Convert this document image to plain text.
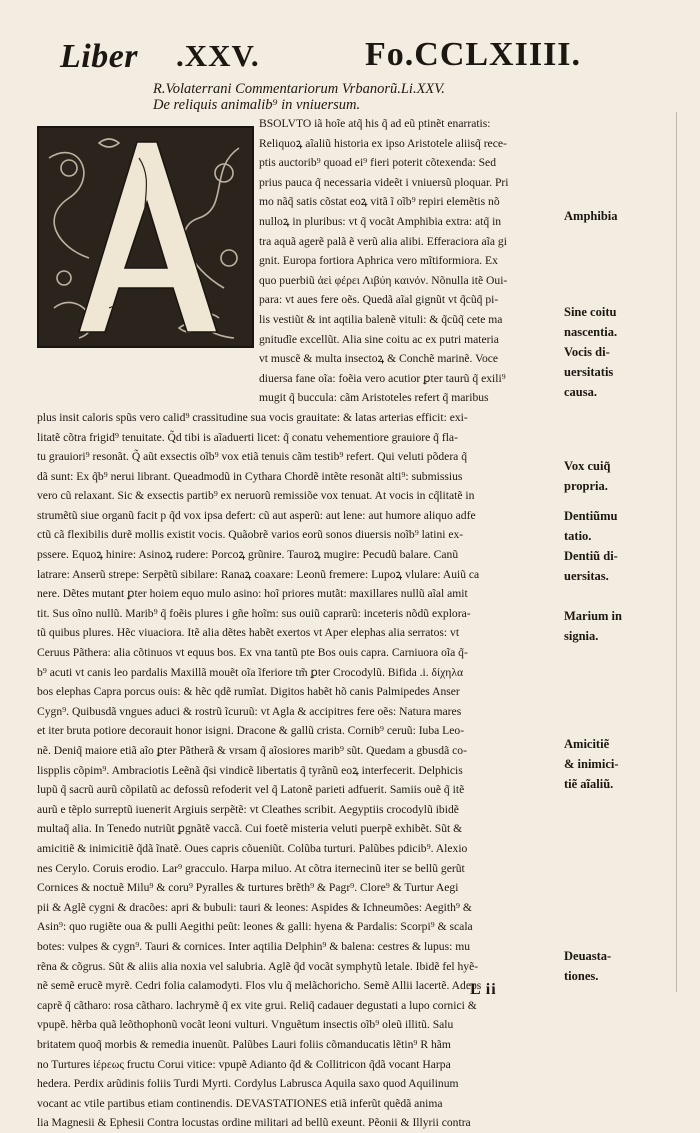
Liber .XXV.	Fo.CCLXIIII.
R.Volaterrani Commentariorum Vrbanorũ.Li.XXV.
De reliquis animalib⁹ in vniuersum.
BSOLVTO iã hoĩe atq̃ his q̃ ad eũ ptinẽt enarratis:
Reliquoꝝ aĩaliũ historia ex ipso Aristotele aliisq̃ rece-
ptis auctorib⁹ quoad ei⁹ fieri poterit cõtexenda: Sed
prius pauca q̃ necessaria videẽt i vniuersũ ploquar. Pri
mo nãq̃ satis cõstat eoꝝ vitã ĩ oĩb⁹ repiri elemẽtis nõ
nulloꝝ in pluribus: vt q̃ vocãt Amphibia extra: atq̃ in
tra aquã agerẽ palã ẽ verũ alia alibi. Efferaciora aĩa gi
gnit. Europa fortiora Aphrica vero mĩtiformiora. Ex
quo puerbiũ ἀεὶ φέρει Λιβύη καινόν. Nõnulla itẽ Oui-
para: vt aues fere oẽs. Quedã aĩal gignũt vt q̃cũq̃ pi-
lis vestiũt & int aqtilia balenẽ vituli: & q̃cũq̃ cete ma
gnitudĩe excellũt. Alia sine coitu ac ex putri materia
vt muscẽ & multa insectoꝝ & Conchẽ marinẽ. Voce
diuersa fane oĩa: foẽia vero acutior ꝑter taurũ q̃ exili⁹
mugit q̃ buccula: cãm Aristoteles refert q̃ maribus
plus insit caloris spũs vero calid⁹ crassitudine sua vocis grauitate: & latas arterias efficit: exi-
litatẽ cõtra frigid⁹ tenuitate. Q̃d tibi is aĩaduerti licet: q̃ conatu vehementiore grauiore q̃ fla-
tu grauiori⁹ resonãt. Q̃ aũt exsectis oĩb⁹ vox etiã tenuis cãm testib⁹ refert. Qui veluti põdera q̃
dã sunt: Ex q̃b⁹ nerui librant. Queadmodũ in Cythara Chordẽ intẽte resonãt alti⁹: submissius
vero cũ relaxant. Sic & exsectis partib⁹ ex neruorũ remissiõe vox tenuat. At vocis in cq̃litatẽ in
strumẽtũ siue organũ facit p q̃d vox ipsa defert: cũ aut asperũ: aut lene: aut humore aliquo adfe
ctũ cã flexibilis durẽ mollis existit vocis. Quãobrẽ varios eorũ sonos diuersis noĩb⁹ latini ex-
pssere. Equoꝝ hinire: Asinoꝝ rudere: Porcoꝝ grũnire. Tauroꝝ mugire: Pecudũ balare. Canũ
latrare: Anserũ strepe: Serpẽtũ sibilare: Ranaꝝ coaxare: Leonũ fremere: Lupoꝝ vlulare: Auiũ ca
nere. Dẽtes mutant ꝑter hoiem equo mulo asino: hoĩ priores mutãt: maxillares nullũ aĩal amit
tit. Sus oĩno nullũ. Marib⁹ q̃ foẽis plures i gñe hoĩm: sus ouiũ caprarũ: inceteris nõdũ explora-
tũ quibus plures. Hẽc viuaciora. Itẽ alia dẽtes habẽt exertos vt Aper elephas alia serratos: vt
Ceruus Pãthera: alia cõtinuos vt equus bos. Ex vna tantũ pte Bos ouis capra. Carniuora oĩa q̃-
b⁹ acuti vt canis leo pardalis Maxillã mouẽt oĩa ĩferiore tm̃ ꝑter Crocodylũ. Bifida .i. δίχηλα
bos elephas Capra porcus ouis: & hẽc qdẽ rumĩat. Digitos habẽt hõ canis Palmipedes Anser
Cygn⁹. Quibusdã vngues aduci & rostrũ ĩcuruũ: vt Agla & accipitres fere oẽs: Natura mares
et iter bruta potiore decorauit honor isigni. Dracone & gallũ crista. Cornib⁹ ceruũ: Iuba Leo-
nẽ. Deniq̃ maiore etiã aĩo ꝑter Pãtherã & vrsam q̃ aĩosiores marib⁹ sũt. Quedam a gbusdã co-
lispplis cõpim⁹. Ambraciotis Leẽnã q̃si vindicẽ libertatis q̃ tyrãnũ eoꝝ interfecerit. Delphicis
lupũ q̃ sacrũ aurũ cõpilatũ ac defossũ refoderit vel q̃ Latonẽ parieti adfuerit. Samiis ouẽ q̃ itẽ
aurũ e tẽplo surreptũ iuenerit Argiuis serpẽtẽ: vt Cleathes scribit. Aegyptiis crocodylũ ibidẽ
multaq̃ alia. In Tenedo nutriũt ꝑgnãtẽ vaccã. Cui foetẽ misteria veluti puerpẽ exhibẽt. Sũt &
amicitiẽ & inimicitiẽ q̃dã ĩnatẽ. Oues capris cõueniũt. Colũba turturi. Palũbes pdicib⁹. Alexio
nes Cerylo. Coruis erodio. Lar⁹ gracculo. Harpa miluo. At cõtra iternecinũ iter se bellũ gerũt
Cornices & noctuẽ Milu⁹ & coru⁹ Pyralles & turtures brẽth⁹ & Pagr⁹. Clore⁹ & Turtur Aegi
pii & Aglẽ cygni & dracões: apri & bubuli: tauri & leones: Aspides & Ichneumões: Aegith⁹ &
Asin⁹: quo rugiẽte oua & pulli Aegithi peũt: leones & galli: hyena & Pardalis: Scorpi⁹ & scala
botes: vulpes & cygn⁹. Tauri & cornices. Inter aqtilia Delphin⁹ & balena: cestres & lupus: mu
rẽna & cõgrus. Sũt & aliis alia noxia vel salubria. Aglẽ q̃d vocãt symphytũ letale. Ibidẽ fel hyẽ-
nẽ semẽ erucẽ myrẽ. Cedri folia calamodyti. Flos vlu q̃ melãchoricho. Semẽ Allii lacertẽ. Adeps
caprẽ q̃ cãtharo: rosa cãtharo. lachrymẽ q̃ ex vite grui. Reliq̃ cadauer degustati a lupo cornici &
vpupẽ. hẽrba quã leõthophonũ vocãt leoni vulturi. Vnguẽtum insectis oĩb⁹ oleũ illitũ. Salu
britatem quoq̃ morbis & remedia inuenũt. Palũbes Lauri foliis cõmanducatis lẽtin⁹ R hãm
no Turtures ἱέρεως fructu Corui vitice: vpupẽ Adianto q̃d & Collitricon q̃dã vocant Harpa
hedera. Perdix arũdinis foliis Turdi Myrti. Cordylus Labrusca Aquila saxo quod Aquilinum
vocant ac vtile partibus etiam continendis. DEVASTATIONES etiã inferũt quẽdã anima
lia Magnesii & Ephesii Contra locustas ordine militari ad bellũ exeunt. Pẽonii & Illyrii contra
Amphibia
Sine coitu
nascentia.
Vocis di-
uersitatis
causa.
Vox cuiq̃
propria.
Dentiũmu
tatio.
Dentiũ di-
uersitas.
Marium in
signia.
Amicitiẽ
& inimici-
tiẽ aĩaliũ.
Deuasta-
tiones.
L ii
